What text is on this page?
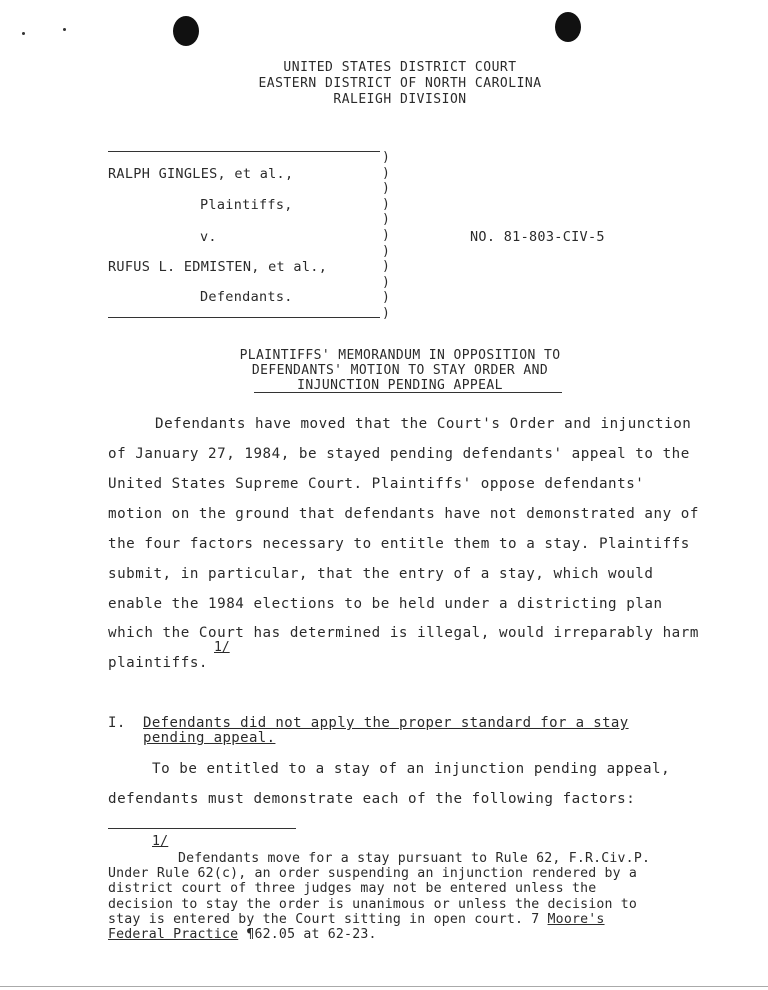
UNITED STATES DISTRICT COURT
EASTERN DISTRICT OF NORTH CAROLINA
RALEIGH DIVISION
RALPH GINGLES, et al.,
Plaintiffs,
v.
RUFUS L. EDMISTEN, et al.,
Defendants.
)
)
)
)
)
)
)
)
)
)
)
NO. 81-803-CIV-5
PLAINTIFFS' MEMORANDUM IN OPPOSITION TO
DEFENDANTS' MOTION TO STAY ORDER AND
INJUNCTION PENDING APPEAL
Defendants have moved that the Court's Order and injunction
of January 27, 1984, be stayed pending defendants' appeal to the
United States Supreme Court. Plaintiffs' oppose defendants'
motion on the ground that defendants have not demonstrated any of
the four factors necessary to entitle them to a stay. Plaintiffs
submit, in particular, that the entry of a stay, which would
enable the 1984 elections to be held under a districting plan
which the Court has determined is illegal, would irreparably harm
1/
plaintiffs.
I. Defendants did not apply the proper standard for a stay
pending appeal.
To be entitled to a stay of an injunction pending appeal,
defendants must demonstrate each of the following factors:
1/
Defendants move for a stay pursuant to Rule 62, F.R.Civ.P.
Under Rule 62(c), an order suspending an injunction rendered by a
district court of three judges may not be entered unless the
decision to stay the order is unanimous or unless the decision to
stay is entered by the Court sitting in open court. 7 Moore's
Federal Practice ¶62.05 at 62-23.
